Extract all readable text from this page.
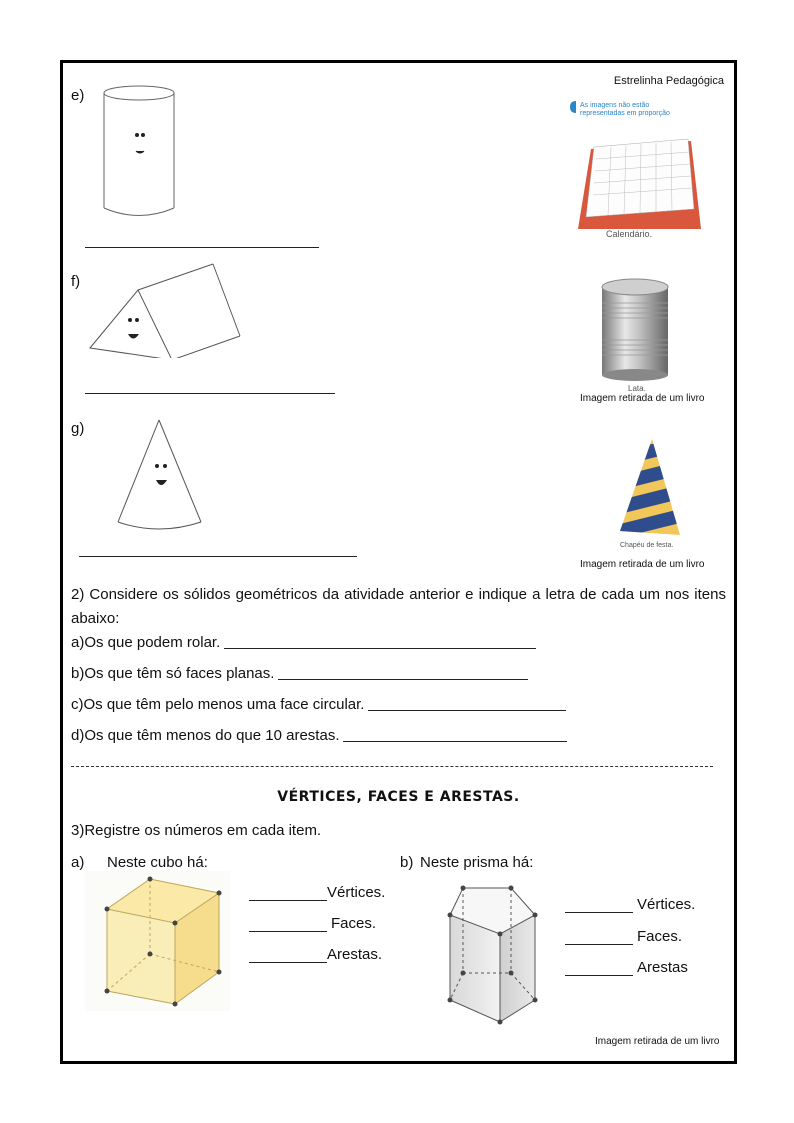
Estrelinha Pedagógica
e)
As imagens não estão
representadas em proporção
Calendário.
f)
Lata.
Imagem retirada de um livro
g)
Chapéu de festa.
Imagem retirada de um livro
2) Considere os sólidos geométricos da atividade anterior e indique a letra de cada um nos itens abaixo:
a)Os que podem rolar.
b)Os que têm só faces planas.
c)Os que têm pelo menos uma face circular.
d)Os que têm menos do que 10 arestas.
VÉRTICES, FACES E ARESTAS.
3)Registre os números em cada item.
a) Neste cubo há:
Vértices.
Faces.
Arestas.
b) Neste prisma há:
Vértices.
Faces.
Arestas
Imagem retirada de um livro
